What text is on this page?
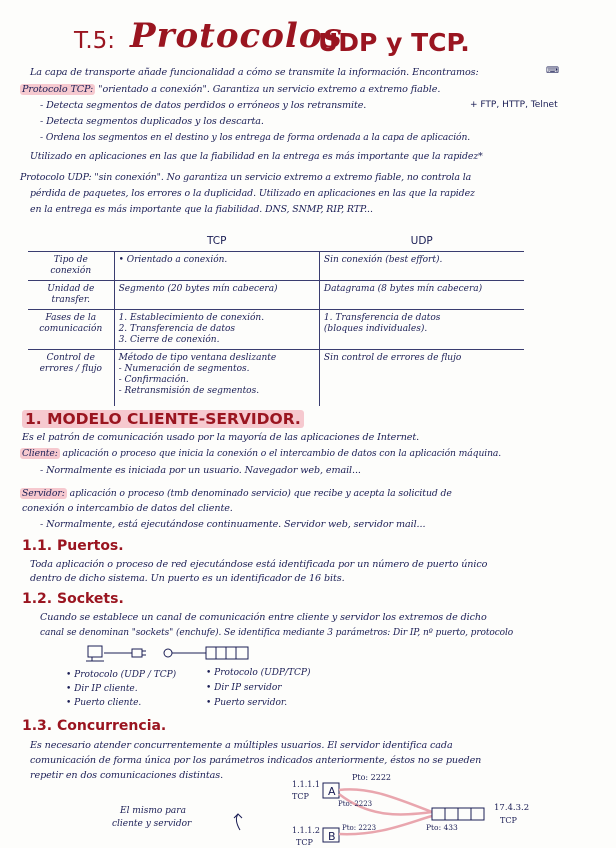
T.5: Protocolos
UDP y TCP.
La capa de transporte añade funcionalidad a cómo se transmite la información. Encontramos:	⌨
Protocolo TCP: "orientado a conexión". Garantiza un servicio extremo a extremo fiable.
- Detecta segmentos de datos perdidos o erróneos y los retransmite.	+ FTP, HTTP, Telnet
- Detecta segmentos duplicados y los descarta.
- Ordena los segmentos en el destino y los entrega de forma ordenada a la capa de aplicación.
Utilizado en aplicaciones en las que la fiabilidad en la entrega es más importante que la rapidez*
Protocolo UDP: "sin conexión". No garantiza un servicio extremo a extremo fiable, no controla la
pérdida de paquetes, los errores o la duplicidad. Utilizado en aplicaciones en las que la rapidez
en la entrega es más importante que la fiabilidad. DNS, SNMP, RIP, RTP...
	TCP	UDP

Tipo de conexión	• Orientado a conexión.	Sin conexión (best effort).

Unidad de transfer.	Segmento (20 bytes mín cabecera)	Datagrama (8 bytes mín cabecera)

Fases de la
comunicación	1. Establecimiento de conexión.
2. Transferencia de datos
3. Cierre de conexión.	1. Transferencia de datos
(bloques individuales).

Control de
errores / flujo	Método de tipo ventana deslizante
- Numeración de segmentos.
- Confirmación.
- Retransmisión de segmentos.	Sin control de errores de flujo
1. MODELO CLIENTE-SERVIDOR.
Es el patrón de comunicación usado por la mayoría de las aplicaciones de Internet.
Cliente: aplicación o proceso que inicia la conexión o el intercambio de datos con la aplicación máquina.
- Normalmente es iniciada por un usuario. Navegador web, email...
Servidor: aplicación o proceso (tmb denominado servicio) que recibe y acepta la solicitud de
conexión o intercambio de datos del cliente.
- Normalmente, está ejecutándose continuamente. Servidor web, servidor mail...
1.1. Puertos.
Toda aplicación o proceso de red ejecutándose está identificada por un número de puerto único
dentro de dicho sistema. Un puerto es un identificador de 16 bits.
1.2. Sockets.
Cuando se establece un canal de comunicación entre cliente y servidor los extremos de dicho
canal se denominan "sockets" (enchufe). Se identifica mediante 3 parámetros: Dir IP, nº puerto, protocolo
• Protocolo (UDP / TCP)
• Dir IP cliente.
• Puerto cliente.
• Protocolo (UDP/TCP)
• Dir IP servidor
• Puerto servidor.
1.3. Concurrencia.
Es necesario atender concurrentemente a múltiples usuarios. El servidor identifica cada
comunicación de forma única por los parámetros indicados anteriormente, éstos no se pueden
repetir en dos comunicaciones distintas.
El mismo para
cliente y servidor
A
B
1.1.1.1
TCP
Pto: 2222
Pto: 2223
1.1.1.2
TCP
Pto: 2223
17.4.3.2
TCP
Pto: 433
